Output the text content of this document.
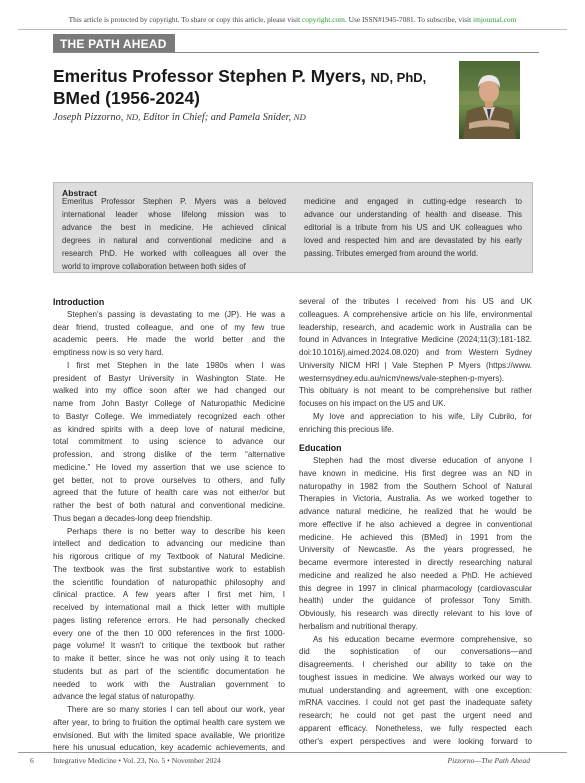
This article is protected by copyright. To share or copy this article, please visit copyright.com. Use ISSN#1945-7081. To subscribe, visit imjournal.com
THE PATH AHEAD
Emeritus Professor Stephen P. Myers, ND, PhD,
BMed (1956-2024)
Joseph Pizzorno, ND, Editor in Chief; and Pamela Snider, ND
Abstract
Emeritus Professor Stephen P. Myers was a beloved
international leader whose lifelong mission was to
advance the best in medicine. He achieved clinical
degrees in natural and conventional medicine and a
research PhD. He worked with colleagues all over the
world to improve collaboration between both sides of
medicine and engaged in cutting-edge research to
advance our understanding of health and disease. This
editorial is a tribute from his US and UK colleagues who
loved and respected him and are devastated by his early
passing. Tributes emerged from around the world.
Introduction
Stephen's passing is devastating to me (JP). He was a
dear friend, trusted colleague, and one of my few true
academic peers. He made the world better and the
emptiness now is so very hard.
I first met Stephen in the late 1980s when I was
president of Bastyr University in Washington State. He
walked into my office soon after we had changed our
name from John Bastyr College of Naturopathic Medicine
to Bastyr College. We immediately recognized each other
as kindred spirits with a deep love of natural medicine,
total commitment to using science to advance our
profession, and strong dislike of the term “alternative
medicine.” He loved my assertion that we use science to
get better, not to prove ourselves to others, and fully
agreed that the future of health care was not either/or but
rather the best of both natural and conventional medicine.
Thus began a decades-long deep friendship.
Perhaps there is no better way to describe his keen
intellect and dedication to advancing our medicine than
his rigorous critique of my Textbook of Natural Medicine.
The textbook was the first substantive work to establish
the scientific foundation of naturopathic philosophy and
clinical practice. A few years after I first met him, I
received by international mail a thick letter with multiple
pages listing reference errors. He had personally checked
every one of the then 10 000 references in the first 1000-
page volume! It wasn't to critique the textbook but rather
to make it better, since he was not only using it to teach
students but as part of the scientific documentation he
needed to work with the Australian government to
advance the legal status of naturopathy.
There are so many stories I can tell about our work, year
after year, to bring to fruition the optimal health care system we
envisioned. But with the limited space available, We prioritize
here his unusual education, key academic achievements, and
several of the tributes I received from his US and UK
colleagues. A comprehensive article on his life, environmental
leadership, research, and academic work in Australia can be
found in Advances in Integrative Medicine (2024;11(3):181-182.
doi:10.1016/j.aimed.2024.08.020) and from Western Sydney
University NICM HRI | Vale Stephen P Myers (https://www.
westernsydney.edu.au/nicm/news/vale-stephen-p-myers).
This obituary is not meant to be comprehensive but rather
focuses on his impact on the US and UK.
My love and appreciation to his wife, Lily Cubrilo, for
enriching this precious life.
Education
Stephen had the most diverse education of anyone I
have known in medicine. His first degree was an ND in
naturopathy in 1982 from the Southern School of Natural
Therapies in Victoria, Australia. As we worked together to
advance natural medicine, he realized that he would be
more effective if he also achieved a degree in conventional
medicine. He achieved this (BMed) in 1991 from the
University of Newcastle. As the years progressed, he
became evermore interested in directly researching natural
medicine and realized he also needed a PhD. He achieved
this degree in 1997 in clinical pharmacology (cardiovascular
health) under the guidance of professor Tony Smith.
Obviously, his research was directly relevant to his love of
herbalism and nutritional therapy.
As his education became evermore comprehensive, so
did the sophistication of our conversations—and
disagreements. I cherished our ability to take on the
toughest issues in medicine. We always worked our way to
mutual understanding and agreement, with one exception:
mRNA vaccines. I could not get past the inadequate safety
research; he could not get past the urgent need and
apparent efficacy. Nonetheless, we fully respected each
other's expert perspectives and were looking forward to
6	Integrative Medicine • Vol. 23, No. 5 • November 2024	Pizzorno—The Path Ahead
